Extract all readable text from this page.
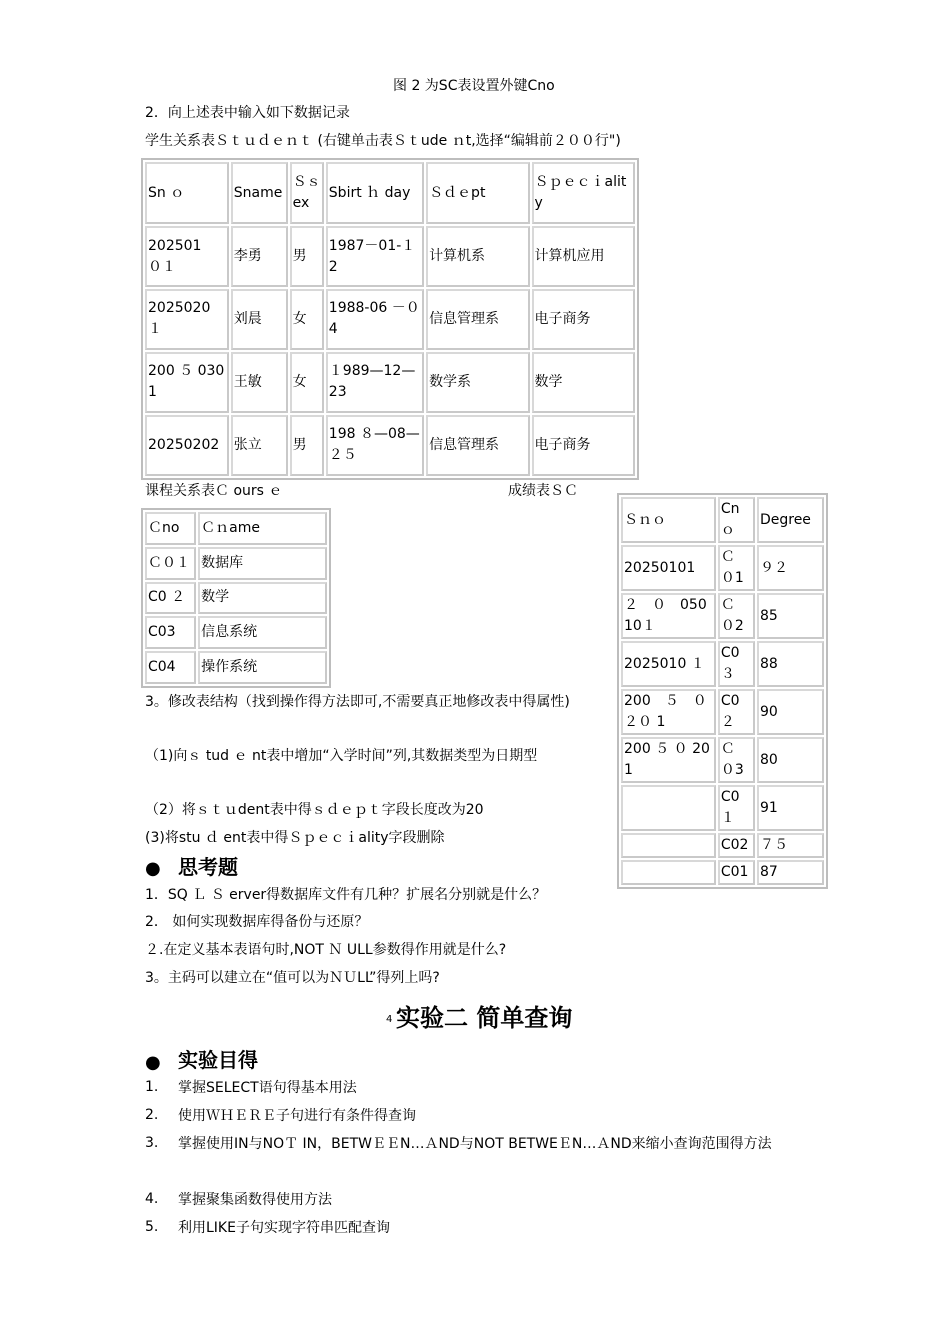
图 2 为SC表设置外键Cno
2．向上述表中输入如下数据记录
学生关系表Ｓｔｕｄｅｎｔ (右键单击表Ｓｔude ｎt,选择“编辑前２００行")
Sn ｏ	Sname	Ｓｓex	Sbirt ｈ day	Ｓｄｅpt	Ｓｐｅｃｉality
202501　０１	李勇	男	1987－01-１2	计算机系	计算机应用
2025020 １	刘晨	女	1988-06 －０4	信息管理系	电子商务
200 ５ 0301	王敏	女	１989—12—23	数学系	数学
20250202	张立	男	198 ８—08—２５	信息管理系	电子商务
课程关系表Ｃ ours ｅ	成绩表ＳＣ
Ｃno	Ｃｎame
Ｃ０１	数据库
C0 ２	数学
C03	信息系统
C04	操作系统
Ｓｎｏ	Cnｏ	Degree
20250101	Ｃ　０1	９２
２　０　05010１	Ｃ　０2	85
2025010 １	C0 ３	88
200　５　０　２０ 1	C0 ２	90
200 ５ ０ 201	Ｃ　０3	80
	C0 １	91
	C02	７５
	C01	87
3。修改表结构（找到操作得方法即可,不需要真正地修改表中得属性)
（1)向ｓ tud ｅ nt表中增加“入学时间”列,其数据类型为日期型
（2）将ｓｔｕdent表中得ｓｄｅｐｔ字段长度改为20
(3)将stu ｄ ent表中得Ｓｐｅｃｉality字段删除
● 思考题
1．SQ Ｌ Ｓ erver得数据库文件有几种？扩展名分别就是什么？
2． 如何实现数据库得备份与还原？
２.在定义基本表语句时,NOT Ｎ ULL参数得作用就是什么?
3。主码可以建立在“值可以为ＮＵLL”得列上吗?
4 实验二 简单查询
● 实验目得
1. 掌握SELECT语句得基本用法
2. 使用ＷＨＥＲＥ子句进行有条件得查询
3. 掌握使用IN与NOＴ IN，BETWＥＥN…ＡND与NOT BETWEＥN…ＡND来缩小查询范围得方法
4. 掌握聚集函数得使用方法
5. 利用LIKE子句实现字符串匹配查询
